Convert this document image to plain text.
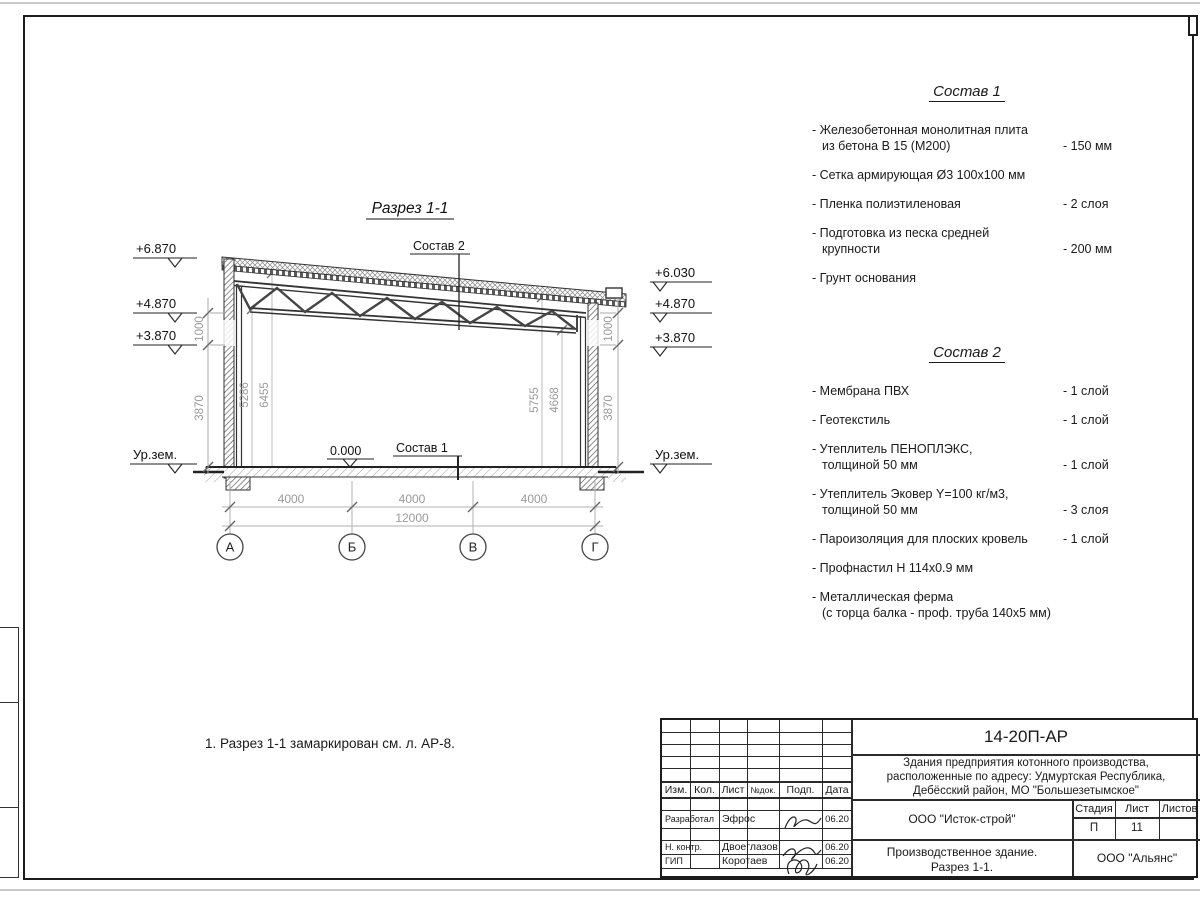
Разрез 1-1
+6.870
+4.870
+3.870
Ур.зем.
+6.030
+4.870
+3.870
Ур.зем.
1000
3870
1000
3870
5286 6455	5755 4668
Состав 2
Состав 1
0.000
4000	4000	4000
12000
А	Б	В	Г
Состав 1
- Железобетонная монолитная плита
из бетона В 15 (М200)	- 150 мм
- Сетка армирующая Ø3 100х100 мм
- Пленка полиэтиленовая	- 2 слоя
- Подготовка из песка средней
крупности	- 200 мм
- Грунт основания
Состав 2
- Мембрана ПВХ	- 1 слой
- Геотекстиль	- 1 слой
- Утеплитель ПЕНОПЛЭКС,
толщиной 50 мм	- 1 слой
- Утеплитель Эковер Y=100 кг/м3,
толщиной 50 мм	- 3 слоя
- Пароизоляция для плоских кровель	- 1 слой
- Профнастил Н 114х0.9 мм
- Металлическая ферма
(с торца балка - проф. труба 140х5 мм)
1. Разрез 1-1 замаркирован см. л. АР-8.
Изм. Кол. Лист №док.	Подп.	Дата
Разработал Эфрос	06.20
Н. контр.	Двоеглазов	06.20
ГИП	Коротаев	06.20
14-20П-АР
Здания предприятия котонного производства,
расположенные по адресу: Удмуртская Республика,
Дебёсский район, МО "Большезетымское"
ООО "Исток-строй"
Стадия	Лист	Листов
П	11
Производственное здание.
Разрез 1-1.
ООО "Альянс"
